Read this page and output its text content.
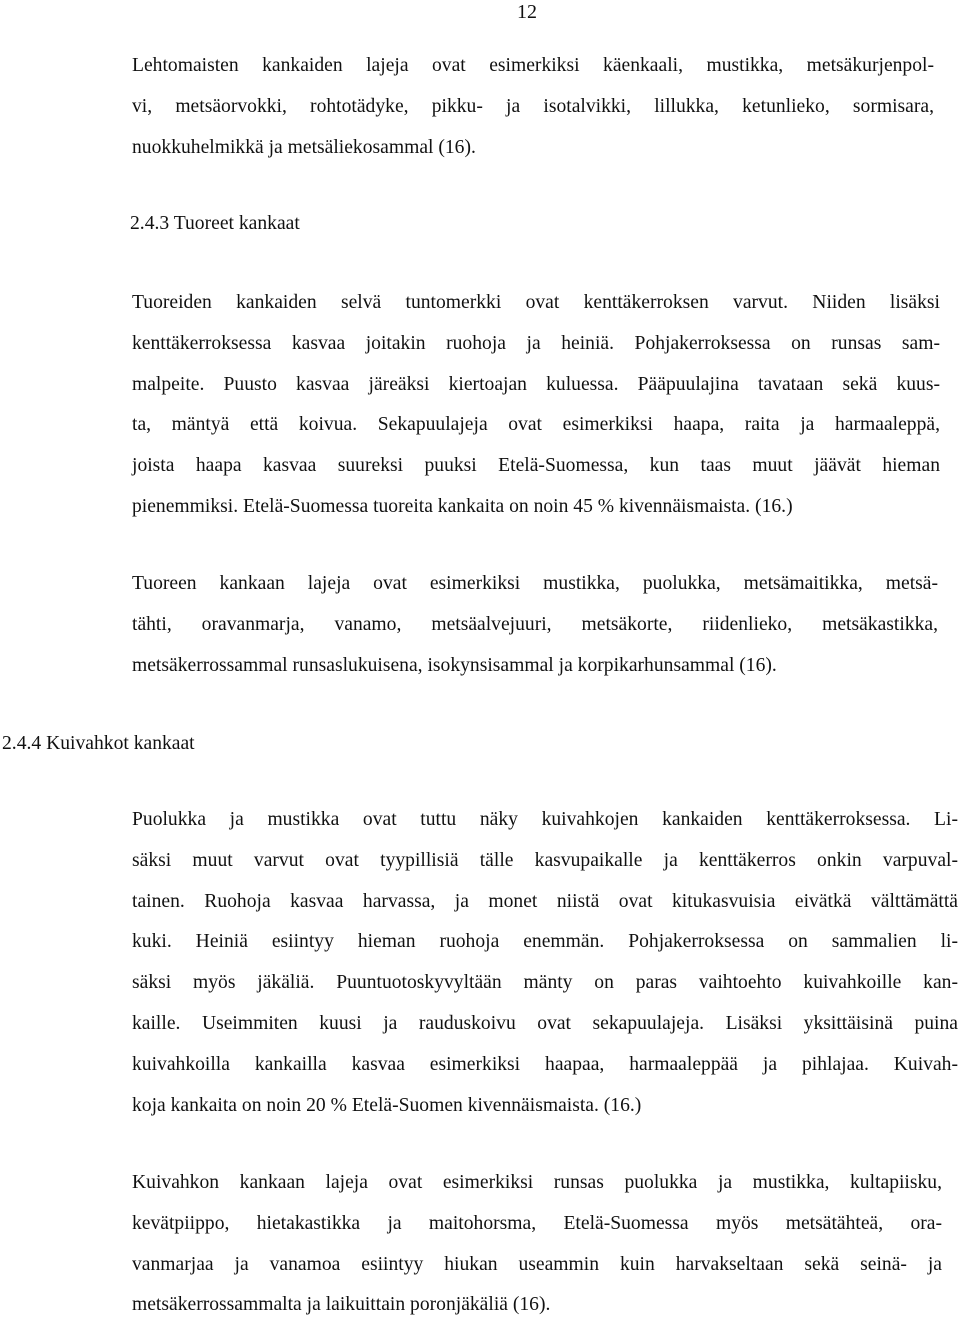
12
Lehtomaisten kankaiden lajeja ovat esimerkiksi käenkaali, mustikka, metsäkurjenpol-
vi, metsäorvokki, rohtotädyke, pikku- ja isotalvikki, lillukka, ketunlieko, sormisara,
nuokkuhelmikkä ja metsäliekosammal (16).
2.4.3 Tuoreet kankaat
Tuoreiden kankaiden selvä tuntomerkki ovat kenttäkerroksen varvut. Niiden lisäksi
kenttäkerroksessa kasvaa joitakin ruohoja ja heiniä. Pohjakerroksessa on runsas sam-
malpeite. Puusto kasvaa järeäksi kiertoajan kuluessa. Pääpuulajina tavataan sekä kuus-
ta, mäntyä että koivua. Sekapuulajeja ovat esimerkiksi haapa, raita ja harmaaleppä,
joista haapa kasvaa suureksi puuksi Etelä-Suomessa, kun taas muut jäävät hieman
pienemmiksi. Etelä-Suomessa tuoreita kankaita on noin 45 % kivennäismaista. (16.)
Tuoreen kankaan lajeja ovat esimerkiksi mustikka, puolukka, metsämaitikka, metsä-
tähti, oravanmarja, vanamo, metsäalvejuuri, metsäkorte, riidenlieko, metsäkastikka,
metsäkerrossammal runsaslukuisena, isokynsisammal ja korpikarhunsammal (16).
2.4.4 Kuivahkot kankaat
Puolukka ja mustikka ovat tuttu näky kuivahkojen kankaiden kenttäkerroksessa. Li-
säksi muut varvut ovat tyypillisiä tälle kasvupaikalle ja kenttäkerros onkin varpuval-
tainen. Ruohoja kasvaa harvassa, ja monet niistä ovat kitukasvuisia eivätkä välttämättä
kuki. Heiniä esiintyy hieman ruohoja enemmän. Pohjakerroksessa on sammalien li-
säksi myös jäkäliä. Puuntuotoskyvyltään mänty on paras vaihtoehto kuivahkoille kan-
kaille. Useimmiten kuusi ja rauduskoivu ovat sekapuulajeja. Lisäksi yksittäisinä puina
kuivahkoilla kankailla kasvaa esimerkiksi haapaa, harmaaleppää ja pihlajaa. Kuivah-
koja kankaita on noin 20 % Etelä-Suomen kivennäismaista. (16.)
Kuivahkon kankaan lajeja ovat esimerkiksi runsas puolukka ja mustikka, kultapiisku,
kevätpiippo, hietakastikka ja maitohorsma, Etelä-Suomessa myös metsätähteä, ora-
vanmarjaa ja vanamoa esiintyy hiukan useammin kuin harvakseltaan sekä seinä- ja
metsäkerrossammalta ja laikuittain poronjäkäliä (16).
